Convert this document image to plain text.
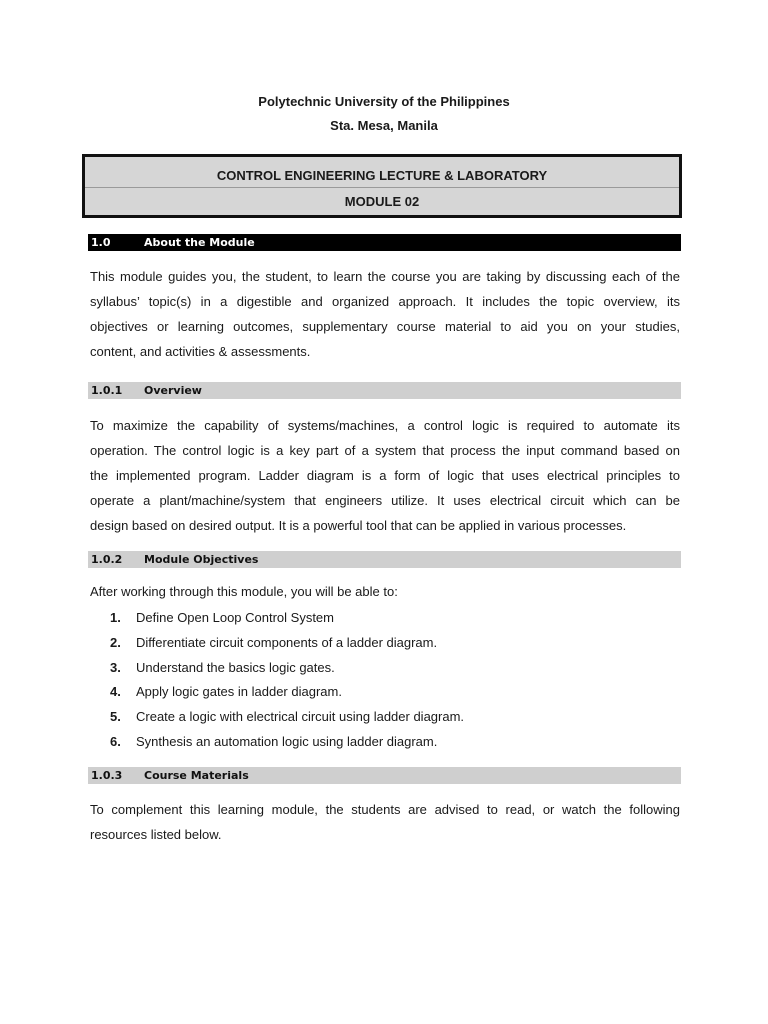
Polytechnic University of the Philippines
Sta. Mesa, Manila
CONTROL ENGINEERING LECTURE & LABORATORY
MODULE 02
1.0	About the Module
This module guides you, the student, to learn the course you are taking by discussing each of the
syllabus’ topic(s) in a digestible and organized approach. It includes the topic overview, its
objectives or learning outcomes, supplementary course material to aid you on your studies,
content, and activities & assessments.
1.0.1 Overview
To maximize the capability of systems/machines, a control logic is required to automate its
operation. The control logic is a key part of a system that process the input command based on
the implemented program. Ladder diagram is a form of logic that uses electrical principles to
operate a plant/machine/system that engineers utilize. It uses electrical circuit which can be
design based on desired output. It is a powerful tool that can be applied in various processes.
1.0.2 Module Objectives
After working through this module, you will be able to:
1. Define Open Loop Control System
2. Differentiate circuit components of a ladder diagram.
3. Understand the basics logic gates.
4. Apply logic gates in ladder diagram.
5. Create a logic with electrical circuit using ladder diagram.
6. Synthesis an automation logic using ladder diagram.
1.0.3 Course Materials
To complement this learning module, the students are advised to read, or watch the following
resources listed below.
